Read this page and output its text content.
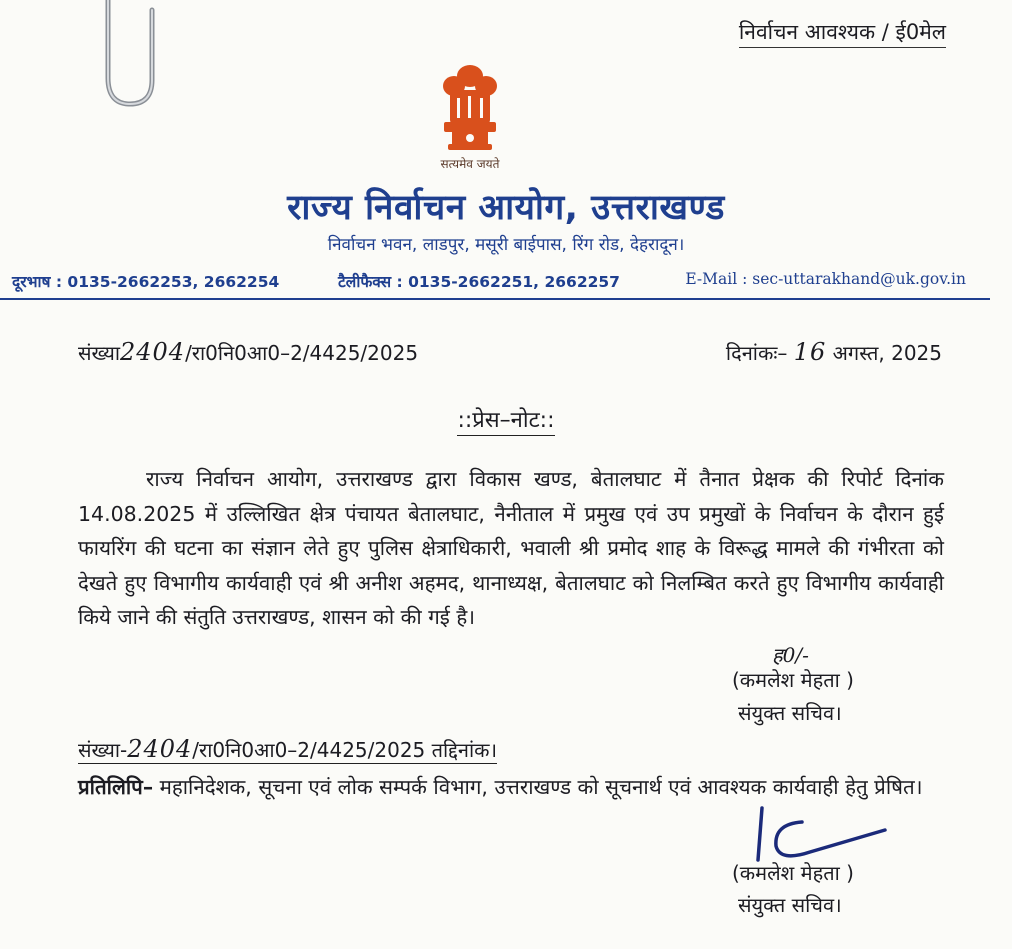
निर्वाचन आवश्यक / ई0मेल
सत्यमेव जयते
राज्य निर्वाचन आयोग, उत्तराखण्ड
निर्वाचन भवन, लाडपुर, मसूरी बाईपास, रिंग रोड, देहरादून।
दूरभाष : 0135-2662253, 2662254	टैलीफैक्स : 0135-2662251, 2662257	E-Mail : sec-uttarakhand@uk.gov.in
संख्या2404/रा0नि0आ0–2/4425/2025	दिनांकः– 16 अगस्त, 2025
::प्रेस–नोट::

राज्य निर्वाचन आयोग, उत्तराखण्ड द्वारा विकास खण्ड, बेतालघाट में तैनात प्रेक्षक की रिपोर्ट दिनांक 14.08.2025 में उल्लिखित क्षेत्र पंचायत बेतालघाट, नैनीताल में प्रमुख एवं उप प्रमुखों के निर्वाचन के दौरान हुई फायरिंग की घटना का संज्ञान लेते हुए पुलिस क्षेत्राधिकारी, भवाली श्री प्रमोद शाह के विरूद्ध मामले की गंभीरता को देखते हुए विभागीय कार्यवाही एवं श्री अनीश अहमद, थानाध्यक्ष, बेतालघाट को निलम्बित करते हुए विभागीय कार्यवाही किये जाने की संतुति उत्तराखण्ड, शासन को की गई है।

ह0/-
(कमलेश मेहता )
संयुक्त सचिव।
संख्या-2404/रा0नि0आ0–2/4425/2025 तद्दिनांक।

प्रतिलिपि– महानिदेशक, सूचना एवं लोक सम्पर्क विभाग, उत्तराखण्ड को सूचनार्थ एवं आवश्यक कार्यवाही हेतु प्रेषित।

(कमलेश मेहता )
संयुक्त सचिव।
